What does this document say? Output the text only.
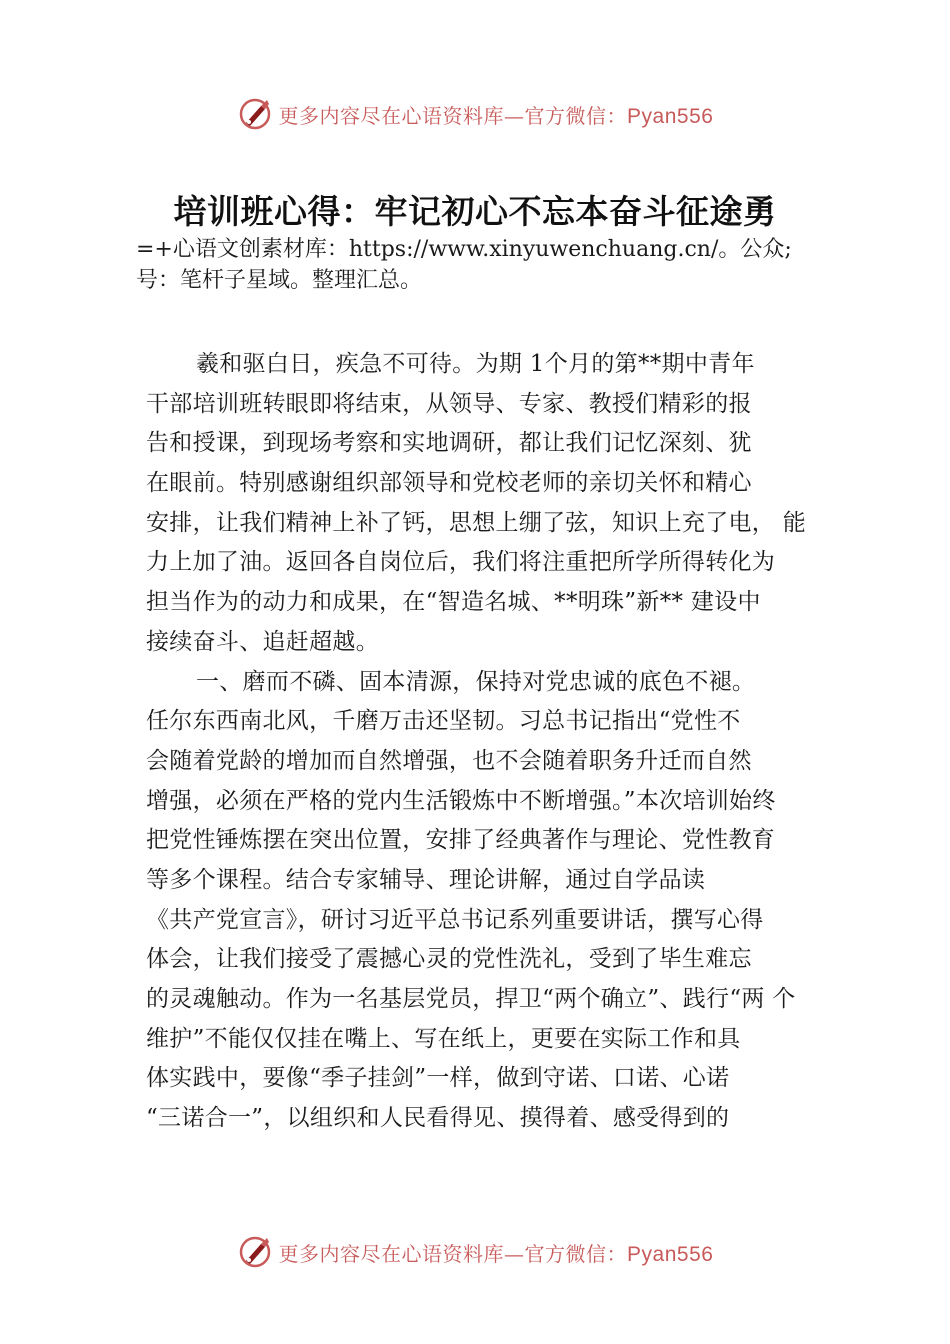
更多内容尽在心语资料库—官方微信：Pyan556
培训班心得：牢记初心不忘本奋斗征途勇
=+心语文创素材库：https://www.xinyuwenchuang.cn/。公众;
号：笔杆子星域。整理汇总。
羲和驱白日，疾急不可待。为期 1个月的第**期中青年
干部培训班转眼即将结束，从领导、专家、教授们精彩的报
告和授课，到现场考察和实地调研，都让我们记忆深刻、犹
在眼前。特别感谢组织部领导和党校老师的亲切关怀和精心
安排，让我们精神上补了钙，思想上绷了弦，知识上充了电， 能
力上加了油。返回各自岗位后，我们将注重把所学所得转化为
担当作为的动力和成果，在“智造名城、**明珠”新** 建设中
接续奋斗、追赶超越。
一、磨而不磷、固本清源，保持对党忠诚的底色不褪。
任尔东西南北风，千磨万击还坚韧。习总书记指出“党性不
会随着党龄的增加而自然增强，也不会随着职务升迁而自然
增强，必须在严格的党内生活锻炼中不断增强。”本次培训始终
把党性锤炼摆在突出位置，安排了经典著作与理论、党性教育
等多个课程。结合专家辅导、理论讲解，通过自学品读
《共产党宣言》，研讨习近平总书记系列重要讲话，撰写心得
体会，让我们接受了震撼心灵的党性洗礼，受到了毕生难忘
的灵魂触动。作为一名基层党员，捍卫“两个确立”、践行“两 个
维护”不能仅仅挂在嘴上、写在纸上，更要在实际工作和具
体实践中，要像“季子挂剑”一样，做到守诺、口诺、心诺
“三诺合一”，以组织和人民看得见、摸得着、感受得到的
更多内容尽在心语资料库—官方微信：Pyan556
